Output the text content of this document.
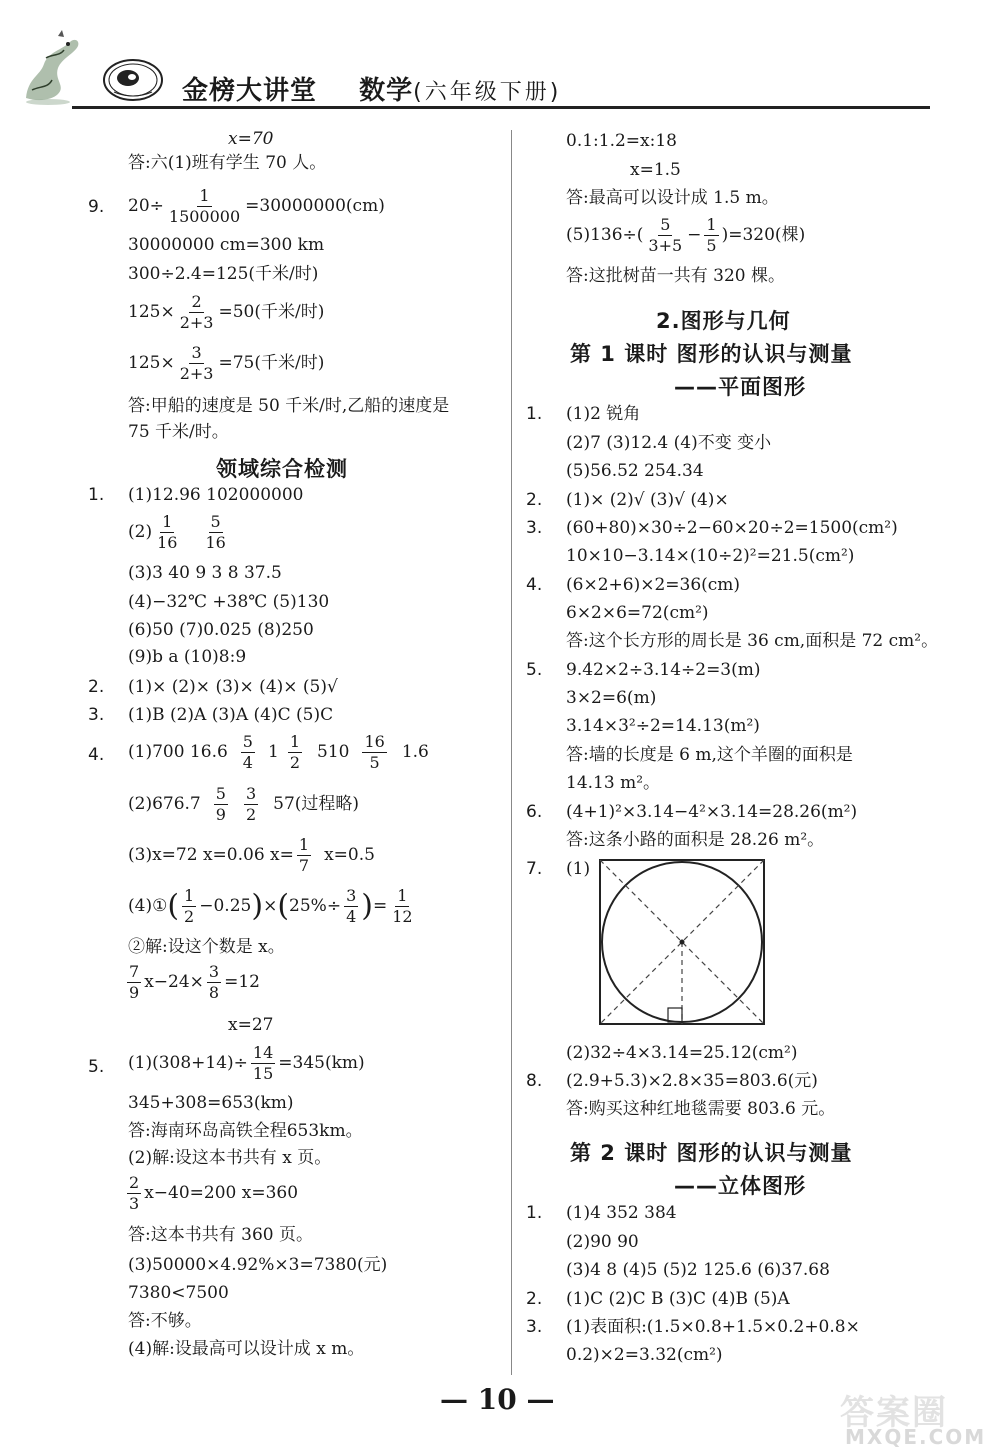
金榜大讲堂 数学(六年级下册)
x=70
答:六(1)班有学生 70 人。
9. $20\div \frac{1}{1500000} =30000000(cm)$
30000000 cm=300 km
300÷2.4=125(千米/时)
$125\times \frac{2}{2+3} =50$(千米/时)
$125\times \frac{3}{2+3} =75$(千米/时)
答:甲船的速度是 50 千米/时,乙船的速度是
75 千米/时。
领域综合检测
1. (1)12.96 102000000
$(2) \frac{1}{16} \frac{5}{16}$
(3)3 40 9 3 8 37.5
(4)−32℃ +38℃ (5)130
(6)50 (7)0.025 (8)250
(9)b a (10)8:9
2. (1)× (2)× (3)× (4)× (5)√
3. (1)B (2)A (3)A (4)C (5)C
4. (1)700 $16.6 \frac{5}{4} 1 \frac{1}{2} 510 \frac{16}{5} 1.6$
$(2)676.7 \frac{5}{9} \frac{3}{2} 57$(过程略)
(3)x=72 x=0.06 $x= \frac{1}{7} x=0.5$
(4)①( $\frac{1}{2} -0.25)\times(25\%\div \frac{3}{4}$ )= $\frac{1}{12}$
②解:设这个数是 x。
$\frac{7}{9} x-24\times \frac{3}{8} =12$
x=27
5. $(1)(308+14)\div \frac{14}{15} =345(km)$
345+308=653(km)
答:海南环岛高铁全程653km。
(2)解:设这本书共有 x 页。
$\frac{2}{3} x-40=200$ x=360
答:这本书共有 360 页。
(3)50000×4.92%×3=7380(元)
7380<7500
答:不够。
(4)解:设最高可以设计成 x m。
0.1:1.2=x:18
x=1.5
答:最高可以设计成 1.5 m。
$(5)136\div( \frac{5}{3+5} - \frac{1}{5} )=320$(棵)
答:这批树苗一共有 320 棵。
2.图形与几何
第 1 课时 图形的认识与测量
——平面图形
1. (1)2 锐角
(2)7 (3)12.4 (4)不变 变小
(5)56.52 254.34
2. (1)× (2)√ (3)√ (4)×
3. (60+80)×30÷2−60×20÷2=1500(cm²)
10×10−3.14×(10÷2)²=21.5(cm²)
4. (6×2+6)×2=36(cm)
6×2×6=72(cm²)
答:这个长方形的周长是 36 cm,面积是 72 cm²。
5. 9.42×2÷3.14÷2=3(m)
3×2=6(m)
3.14×3²÷2=14.13(m²)
答:墙的长度是 6 m,这个羊圈的面积是
14.13 m²。
6. (4+1)²×3.14−4²×3.14=28.26(m²)
答:这条小路的面积是 28.26 m²。
7. (1)
(2)32÷4×3.14=25.12(cm²)
8. (2.9+5.3)×2.8×35=803.6(元)
答:购买这种红地毯需要 803.6 元。
第 2 课时 图形的认识与测量
——立体图形
1. (1)4 352 384
(2)90 90
(3)4 8 (4)5 (5)2 125.6 (6)37.68
2. (1)C (2)C B (3)C (4)B (5)A
3. (1)表面积:(1.5×0.8+1.5×0.2+0.8×
0.2)×2=3.32(cm²)
— 10 —	答案圈
MXQE.COM
